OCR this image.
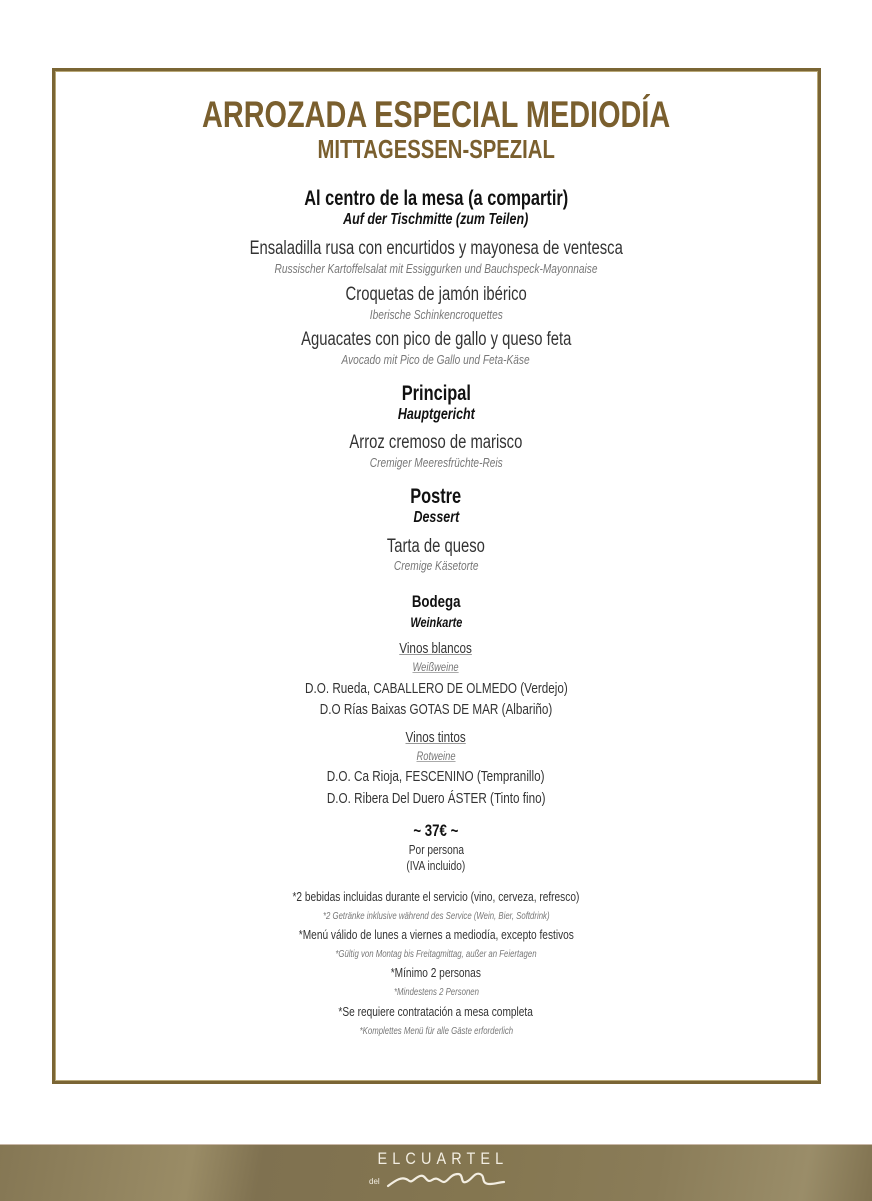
ARROZADA ESPECIAL MEDIODÍA
MITTAGESSEN-SPEZIAL
Al centro de la mesa (a compartir)
Auf der Tischmitte (zum Teilen)
Ensaladilla rusa con encurtidos y mayonesa de ventesca
Russischer Kartoffelsalat mit Essiggurken und Bauchspeck-Mayonnaise
Croquetas de jamón ibérico
Iberische Schinkencroquettes
Aguacates con pico de gallo y queso feta
Avocado mit Pico de Gallo und Feta-Käse
Principal
Hauptgericht
Arroz cremoso de marisco
Cremiger Meeresfrüchte-Reis
Postre
Dessert
Tarta de queso
Cremige Käsetorte
Bodega
Weinkarte
Vinos blancos
Weißweine
D.O. Rueda, CABALLERO DE OLMEDO (Verdejo)
D.O Rías Baixas GOTAS DE MAR (Albariño)
Vinos tintos
Rotweine
D.O. Ca Rioja, FESCENINO (Tempranillo)
D.O. Ribera Del Duero ÁSTER (Tinto fino)
~ 37€ ~
Por persona
(IVA incluido)
*2 bebidas incluidas durante el servicio (vino, cerveza, refresco)
*2 Getränke inklusive während des Service (Wein, Bier, Softdrink)
*Menú válido de lunes a viernes a mediodía, excepto festivos
*Gültig von Montag bis Freitagmittag, außer an Feiertagen
*Mínimo 2 personas
*Mindestens 2 Personen
*Se requiere contratación a mesa completa
*Komplettes Menü für alle Gäste erforderlich
ELCUARTEL
del
